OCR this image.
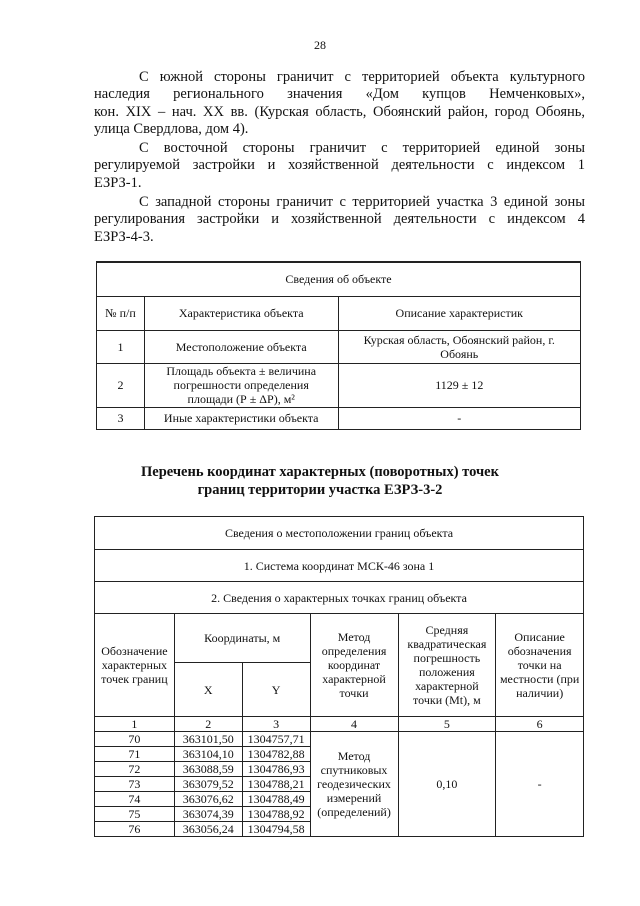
28
С южной стороны граничит с территорией объекта культурного
наследия регионального значения «Дом купцов Немченковых»,
кон. XIX – нач. XX вв. (Курская область, Обоянский район, город Обоянь,
улица Свердлова, дом 4).
С восточной стороны граничит с территорией единой зоны
регулируемой застройки и хозяйственной деятельности с индексом 1
ЕЗРЗ-1.
С западной стороны граничит с территорией участка 3 единой зоны
регулирования застройки и хозяйственной деятельности с индексом 4
ЕЗРЗ-4-3.
Сведения об объекте		
№ п/п	Характеристика объекта	Описание характеристик
1	Местоположение объекта	Курская область, Обоянский район, г. Обоянь
2	Площадь объекта ± величина погрешности определения площади (Р ± ΔР), м²	1129 ± 12
3	Иные характеристики объекта	-
Перечень координат характерных (поворотных) точек
границ территории участка ЕЗРЗ-3-2
Сведения о местоположении границ объекта					
1. Система координат МСК-46 зона 1					
2. Сведения о характерных точках границ объекта					
Обозначение характерных точек границ	Координаты, м		Метод определения координат характерной точки	Средняя квадратическая погрешность положения характерной точки (Mt), м	Описание обозначения точки на местности (при наличии)
	X	Y			
1	2	3	4	5	6
70	363101,50	1304757,71	Метод спутниковых геодезических измерений (определений)	0,10	-
71	363104,10	1304782,88			
72	363088,59	1304786,93			
73	363079,52	1304788,21			
74	363076,62	1304788,49			
75	363074,39	1304788,92			
76	363056,24	1304794,58			
